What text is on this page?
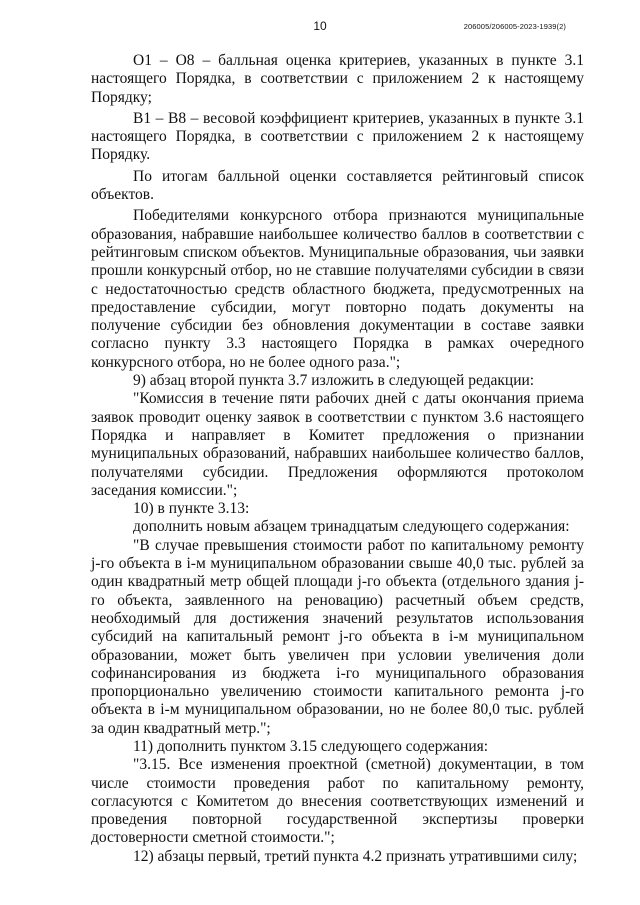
10	206005/206005-2023-1939(2)

О1 – О8 – балльная оценка критериев, указанных в пункте 3.1 настоящего Порядка, в соответствии с приложением 2 к настоящему Порядку;

В1 – В8 – весовой коэффициент критериев, указанных в пункте 3.1 настоящего Порядка, в соответствии с приложением 2 к настоящему Порядку.

По итогам балльной оценки составляется рейтинговый список объектов.

Победителями конкурсного отбора признаются муниципальные образования, набравшие наибольшее количество баллов в соответствии с рейтинговым списком объектов. Муниципальные образования, чьи заявки прошли конкурсный отбор, но не ставшие получателями субсидии в связи с недостаточностью средств областного бюджета, предусмотренных на предоставление субсидии, могут повторно подать документы на получение субсидии без обновления документации в составе заявки согласно пункту 3.3 настоящего Порядка в рамках очередного конкурсного отбора, но не более одного раза.";

9) абзац второй пункта 3.7 изложить в следующей редакции:

"Комиссия в течение пяти рабочих дней с даты окончания приема заявок проводит оценку заявок в соответствии с пунктом 3.6 настоящего Порядка и направляет в Комитет предложения о признании муниципальных образований, набравших наибольшее количество баллов, получателями субсидии. Предложения оформляются протоколом заседания комиссии.";

10) в пункте 3.13:

дополнить новым абзацем тринадцатым следующего содержания:

"В случае превышения стоимости работ по капитальному ремонту j-го объекта в i-м муниципальном образовании свыше 40,0 тыс. рублей за один квадратный метр общей площади j-го объекта (отдельного здания j-го объекта, заявленного на реновацию) расчетный объем средств, необходимый для достижения значений результатов использования субсидий на капитальный ремонт j-го объекта в i-м муниципальном образовании, может быть увеличен при условии увеличения доли софинансирования из бюджета i-го муниципального образования пропорционально увеличению стоимости капитального ремонта j-го объекта в i-м муниципальном образовании, но не более 80,0 тыс. рублей за один квадратный метр.";

11) дополнить пунктом 3.15 следующего содержания:

"3.15. Все изменения проектной (сметной) документации, в том числе стоимости проведения работ по капитальному ремонту, согласуются с Комитетом до внесения соответствующих изменений и проведения повторной государственной экспертизы проверки достоверности сметной стоимости.";

12) абзацы первый, третий пункта 4.2 признать утратившими силу;
